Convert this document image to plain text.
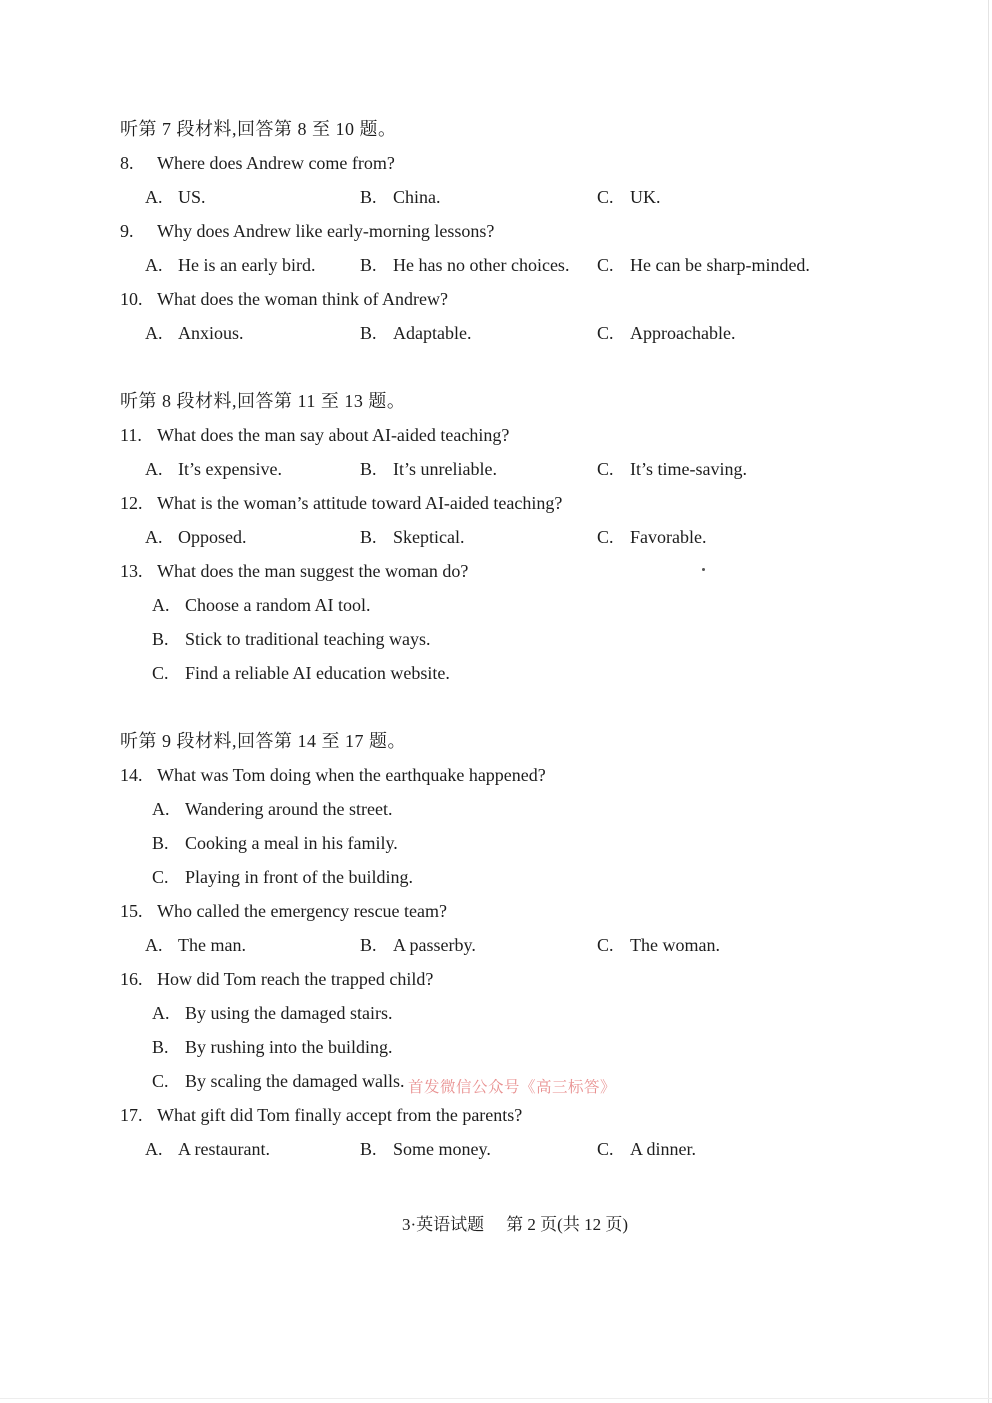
听第 7 段材料,回答第 8 至 10 题。
8. Where does Andrew come from?
A. US.	B. China.	C. UK.
9. Why does Andrew like early-morning lessons?
A. He is an early bird.	B. He has no other choices.	C. He can be sharp-minded.
10. What does the woman think of Andrew?
A. Anxious.	B. Adaptable.	C. Approachable.
听第 8 段材料,回答第 11 至 13 题。
11. What does the man say about AI-aided teaching?
A. It’s expensive.	B. It’s unreliable.	C. It’s time-saving.
12. What is the woman’s attitude toward AI-aided teaching?
A. Opposed.	B. Skeptical.	C. Favorable.
13. What does the man suggest the woman do?
A. Choose a random AI tool.
B. Stick to traditional teaching ways.
C. Find a reliable AI education website.
听第 9 段材料,回答第 14 至 17 题。
14. What was Tom doing when the earthquake happened?
A. Wandering around the street.
B. Cooking a meal in his family.
C. Playing in front of the building.
15. Who called the emergency rescue team?
A. The man.	B. A passerby.	C. The woman.
16. How did Tom reach the trapped child?
A. By using the damaged stairs.
B. By rushing into the building.
C. By scaling the damaged walls.
17. What gift did Tom finally accept from the parents?
A. A restaurant.	B. Some money.	C. A dinner.
首发微信公众号《高三标答》
3·英语试题 第 2 页(共 12 页)
